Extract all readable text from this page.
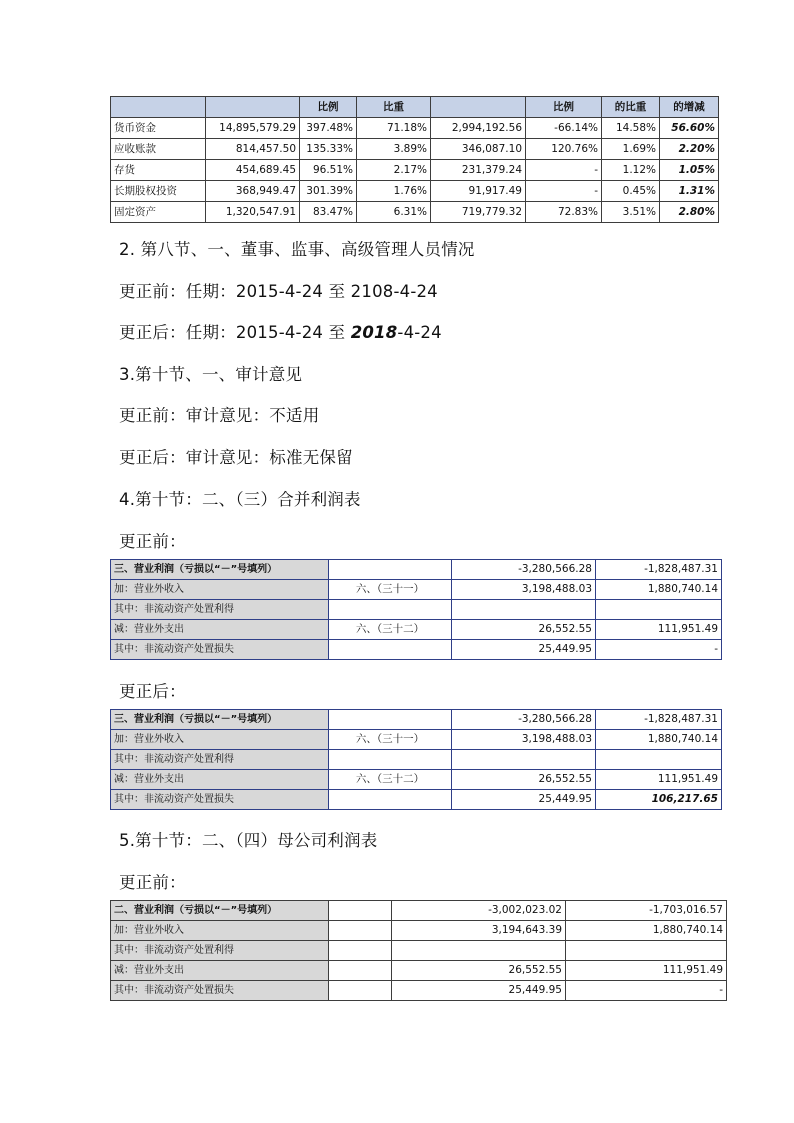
		比例	比重		比例	的比重	的增减
货币资金	14,895,579.29	397.48%	71.18%	2,994,192.56	-66.14%	14.58%	56.60%
应收账款	814,457.50	135.33%	3.89%	346,087.10	120.76%	1.69%	2.20%
存货	454,689.45	96.51%	2.17%	231,379.24	-	1.12%	1.05%
长期股权投资	368,949.47	301.39%	1.76%	91,917.49	-	0.45%	1.31%
固定资产	1,320,547.91	83.47%	6.31%	719,779.32	72.83%	3.51%	2.80%
2. 第八节、一、董事、监事、高级管理人员情况
更正前：任期：2015-4-24 至 2108-4-24
更正后：任期：2015-4-24 至 2018-4-24
3.第十节、一、审计意见
更正前：审计意见：不适用
更正后：审计意见：标准无保留
4.第十节：二、（三）合并利润表
更正前：
三、营业利润（亏损以“－”号填列）		-3,280,566.28	-1,828,487.31
加：营业外收入	六、（三十一）	3,198,488.03	1,880,740.14
其中：非流动资产处置利得			
减：营业外支出	六、（三十二）	26,552.55	111,951.49
其中：非流动资产处置损失		25,449.95	-
更正后：
三、营业利润（亏损以“－”号填列）		-3,280,566.28	-1,828,487.31
加：营业外收入	六、（三十一）	3,198,488.03	1,880,740.14
其中：非流动资产处置利得			
减：营业外支出	六、（三十二）	26,552.55	111,951.49
其中：非流动资产处置损失		25,449.95	106,217.65
5.第十节：二、（四）母公司利润表
更正前：
二、营业利润（亏损以“－”号填列）		-3,002,023.02	-1,703,016.57
加：营业外收入		3,194,643.39	1,880,740.14
其中：非流动资产处置利得			
减：营业外支出		26,552.55	111,951.49
其中：非流动资产处置损失		25,449.95	-
